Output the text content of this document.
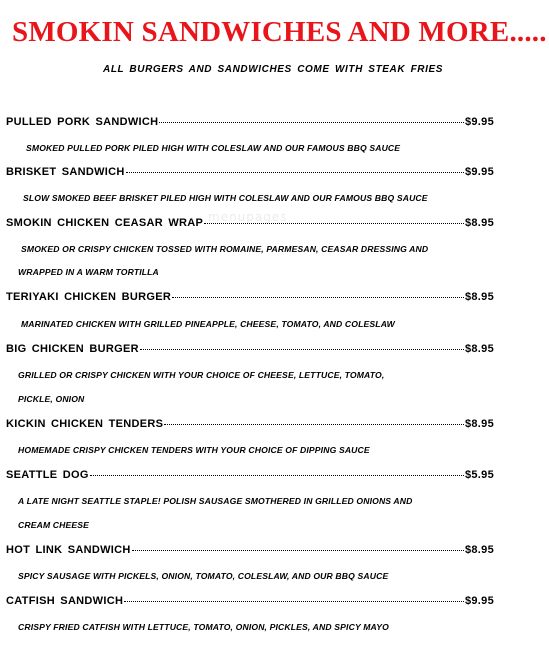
SMOKIN SANDWICHES AND MORE.....
ALL BURGERS AND SANDWICHES COME WITH STEAK FRIES
menupages
PULLED PORK SANDWICH	$9.95
SMOKED PULLED PORK PILED HIGH WITH COLESLAW AND OUR FAMOUS BBQ SAUCE
BRISKET SANDWICH	$9.95
SLOW SMOKED BEEF BRISKET PILED HIGH WITH COLESLAW AND OUR FAMOUS BBQ SAUCE
SMOKIN CHICKEN CEASAR WRAP	$8.95
SMOKED OR CRISPY CHICKEN TOSSED WITH ROMAINE, PARMESAN, CEASAR DRESSING AND
WRAPPED IN A WARM TORTILLA
TERIYAKI CHICKEN BURGER	$8.95
MARINATED CHICKEN WITH GRILLED PINEAPPLE, CHEESE, TOMATO, AND COLESLAW
BIG CHICKEN BURGER	$8.95
GRILLED OR CRISPY CHICKEN WITH YOUR CHOICE OF CHEESE, LETTUCE, TOMATO,
PICKLE, ONION
KICKIN CHICKEN TENDERS	$8.95
HOMEMADE CRISPY CHICKEN TENDERS WITH YOUR CHOICE OF DIPPING SAUCE
SEATTLE DOG	$5.95
A LATE NIGHT SEATTLE STAPLE! POLISH SAUSAGE SMOTHERED IN GRILLED ONIONS AND
CREAM CHEESE
HOT LINK SANDWICH	$8.95
SPICY SAUSAGE WITH PICKELS, ONION, TOMATO, COLESLAW, AND OUR BBQ SAUCE
CATFISH SANDWICH	$9.95
CRISPY FRIED CATFISH WITH LETTUCE, TOMATO, ONION, PICKLES, AND SPICY MAYO
